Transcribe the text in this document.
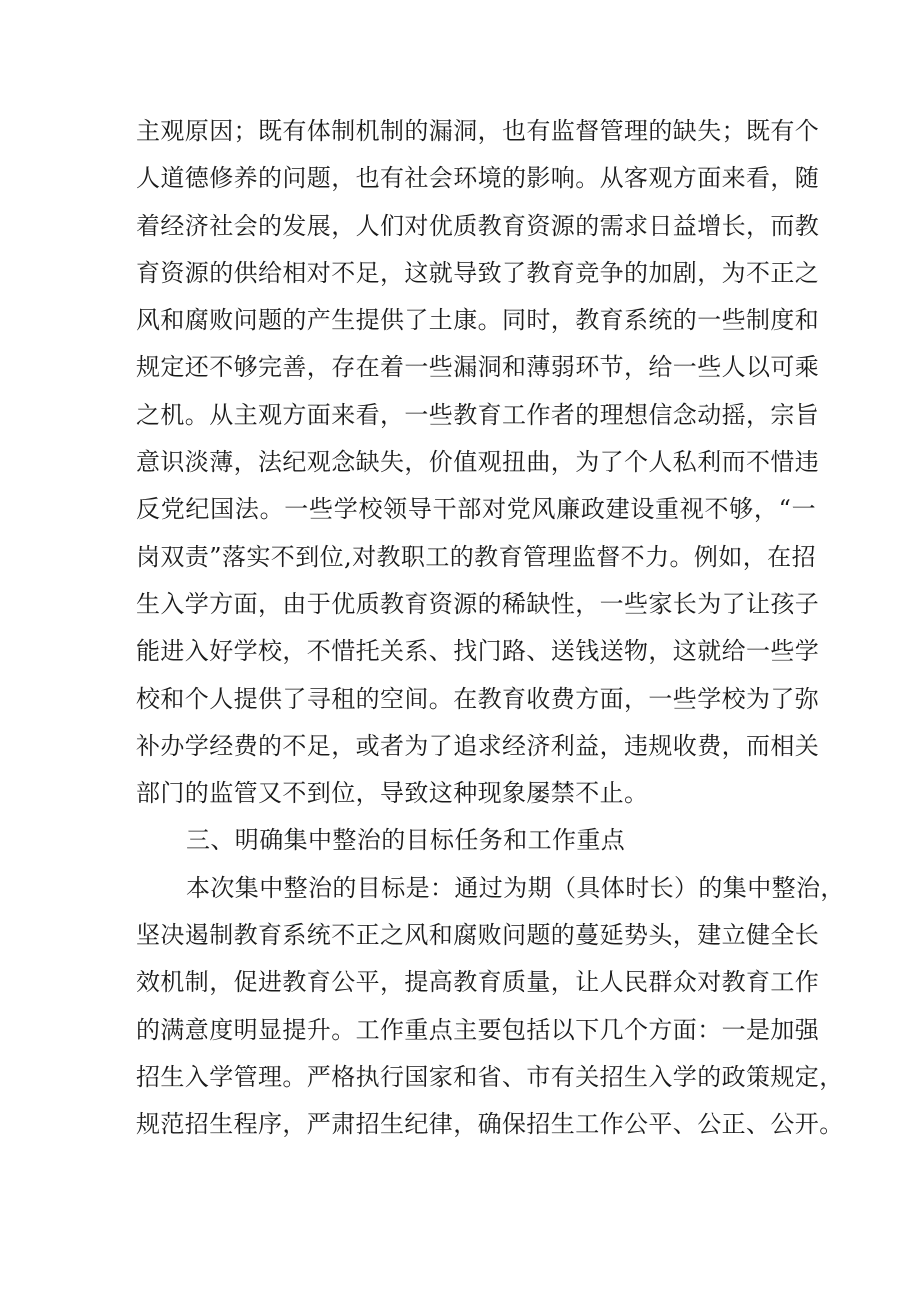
主观原因；既有体制机制的漏洞，也有监督管理的缺失；既有个
人道德修养的问题，也有社会环境的影响。从客观方面来看，随
着经济社会的发展，人们对优质教育资源的需求日益增长，而教
育资源的供给相对不足，这就导致了教育竞争的加剧，为不正之
风和腐败问题的产生提供了土康。同时，教育系统的一些制度和
规定还不够完善，存在着一些漏洞和薄弱环节，给一些人以可乘
之机。从主观方面来看，一些教育工作者的理想信念动摇，宗旨
意识淡薄，法纪观念缺失，价值观扭曲，为了个人私利而不惜违
反党纪国法。一些学校领导干部对党风廉政建设重视不够，“一
岗双责”落实不到位,对教职工的教育管理监督不力。例如，在招
生入学方面，由于优质教育资源的稀缺性，一些家长为了让孩子
能进入好学校，不惜托关系、找门路、送钱送物，这就给一些学
校和个人提供了寻租的空间。在教育收费方面，一些学校为了弥
补办学经费的不足，或者为了追求经济利益，违规收费，而相关
部门的监管又不到位，导致这种现象屡禁不止。
三、明确集中整治的目标任务和工作重点
本次集中整治的目标是：通过为期（具体时长）的集中整治，
坚决遏制教育系统不正之风和腐败问题的蔓延势头，建立健全长
效机制，促进教育公平，提高教育质量，让人民群众对教育工作
的满意度明显提升。工作重点主要包括以下几个方面：一是加强
招生入学管理。严格执行国家和省、市有关招生入学的政策规定，
规范招生程序，严肃招生纪律，确保招生工作公平、公正、公开。
